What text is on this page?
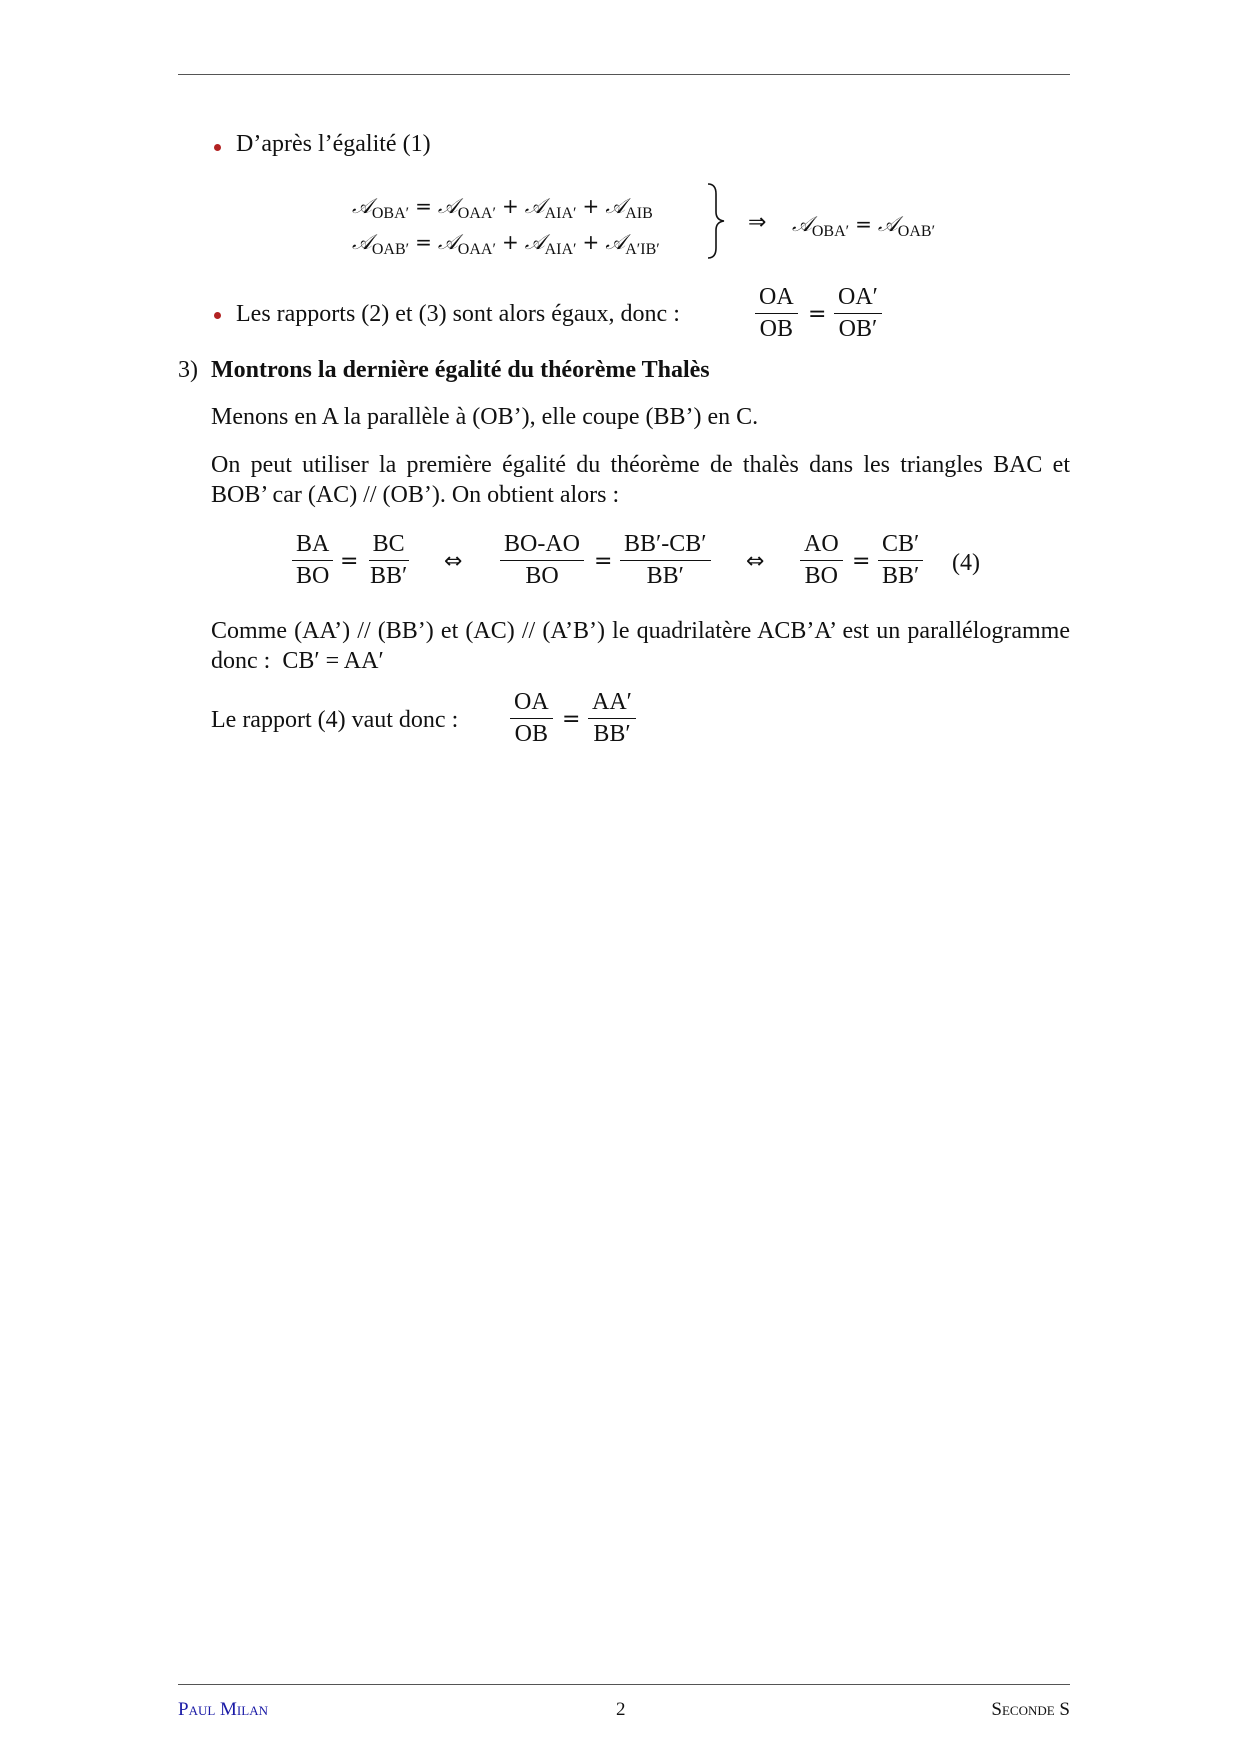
D’après l’égalité (1)
𝒜$_{OBA'}$ = 𝒜$_{OAA'}$ + 𝒜$_{AIA'}$ + 𝒜$_{AIB}$
𝒜$_{OAB'}$ = 𝒜$_{OAA'}$ + 𝒜$_{AIA'}$ + 𝒜$_{A'IB'}$
⇒ 𝒜$_{OBA'}$ = 𝒜$_{OAB'}$
Les rapports (2) et (3) sont alors égaux, donc :	$\frac{OA}{OB} = \frac{OA'}{OB'}$
3) Montrons la dernière égalité du théorème Thalès
Menons en A la parallèle à (OB’), elle coupe (BB’) en C.
On peut utiliser la première égalité du théorème de thalès dans les triangles BAC et BOB’ car (AC) // (OB’). On obtient alors :
$\frac{BA}{BO} = \frac{BC}{BB'}$ ⇔ $\frac{BO-AO}{BO} = \frac{BB'-CB'}{BB'}$ ⇔ $\frac{AO}{BO} = \frac{CB'}{BB'} (4)$
Comme (AA’) // (BB’) et (AC) // (A’B’) le quadrilatère ACB’A’ est un parallélogramme donc : CB′ = AA′
Le rapport (4) vaut donc : $\frac{OA}{OB} = \frac{AA'}{BB'}$
Paul Milan	2	Seconde S
